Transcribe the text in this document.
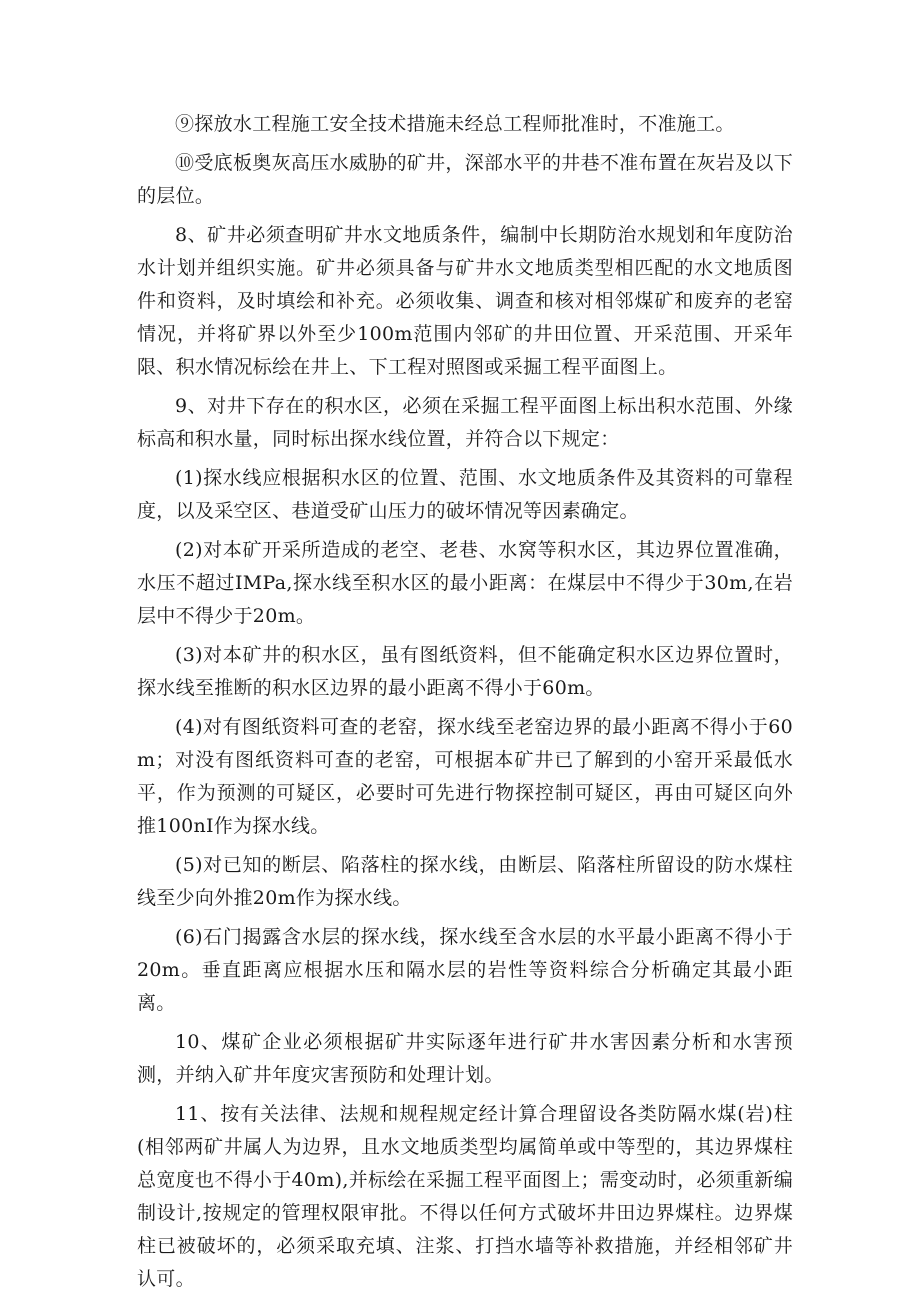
⑨探放水工程施工安全技术措施未经总工程师批准时，不准施工。

⑩受底板奥灰高压水威胁的矿井，深部水平的井巷不准布置在灰岩及以下的层位。

8、矿井必须查明矿井水文地质条件，编制中长期防治水规划和年度防治水计划并组织实施。矿井必须具备与矿井水文地质类型相匹配的水文地质图件和资料，及时填绘和补充。必须收集、调查和核对相邻煤矿和废弃的老窑情况，并将矿界以外至少100m范围内邻矿的井田位置、开采范围、开采年限、积水情况标绘在井上、下工程对照图或采掘工程平面图上。

9、对井下存在的积水区，必须在采掘工程平面图上标出积水范围、外缘标高和积水量，同时标出探水线位置，并符合以下规定：

(1)探水线应根据积水区的位置、范围、水文地质条件及其资料的可靠程度，以及采空区、巷道受矿山压力的破坏情况等因素确定。

(2)对本矿开采所造成的老空、老巷、水窝等积水区，其边界位置准确，水压不超过IMPa,探水线至积水区的最小距离：在煤层中不得少于30m,在岩层中不得少于20m。

(3)对本矿井的积水区，虽有图纸资料，但不能确定积水区边界位置时，探水线至推断的积水区边界的最小距离不得小于60m。

(4)对有图纸资料可查的老窑，探水线至老窑边界的最小距离不得小于60m；对没有图纸资料可查的老窑，可根据本矿井已了解到的小窑开采最低水平，作为预测的可疑区，必要时可先进行物探控制可疑区，再由可疑区向外推100nI作为探水线。

(5)对已知的断层、陷落柱的探水线，由断层、陷落柱所留设的防水煤柱线至少向外推20m作为探水线。

(6)石门揭露含水层的探水线，探水线至含水层的水平最小距离不得小于20m。垂直距离应根据水压和隔水层的岩性等资料综合分析确定其最小距离。

10、煤矿企业必须根据矿井实际逐年进行矿井水害因素分析和水害预测，并纳入矿井年度灾害预防和处理计划。

11、按有关法律、法规和规程规定经计算合理留设各类防隔水煤(岩)柱(相邻两矿井属人为边界，且水文地质类型均属简单或中等型的，其边界煤柱总宽度也不得小于40m),并标绘在采掘工程平面图上；需变动时，必须重新编制设计,按规定的管理权限审批。不得以任何方式破坏井田边界煤柱。边界煤柱已被破坏的，必须采取充填、注浆、打挡水墙等补救措施，并经相邻矿井认可。
